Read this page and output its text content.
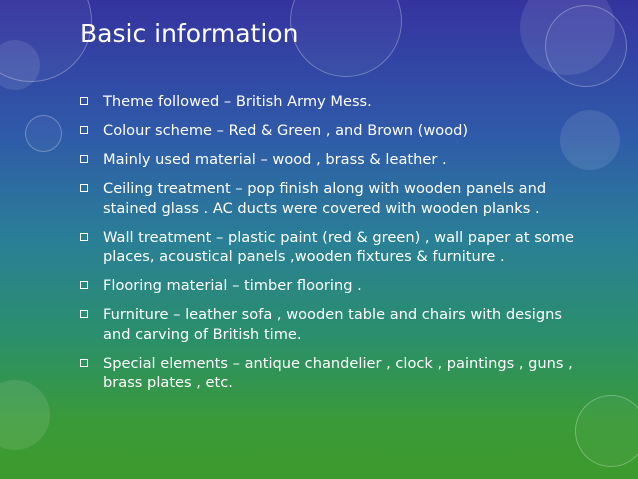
Basic information
Theme followed – British Army Mess.
Colour scheme – Red & Green , and Brown (wood)
Mainly used material – wood , brass & leather .
Ceiling treatment – pop finish along with wooden panels and stained glass . AC ducts were covered with wooden planks .
Wall treatment – plastic paint (red & green) , wall paper at some places, acoustical panels ,wooden fixtures & furniture .
Flooring material – timber flooring .
Furniture – leather sofa , wooden table and chairs with designs and carving of British time.
Special elements – antique chandelier , clock , paintings , guns , brass plates , etc.
